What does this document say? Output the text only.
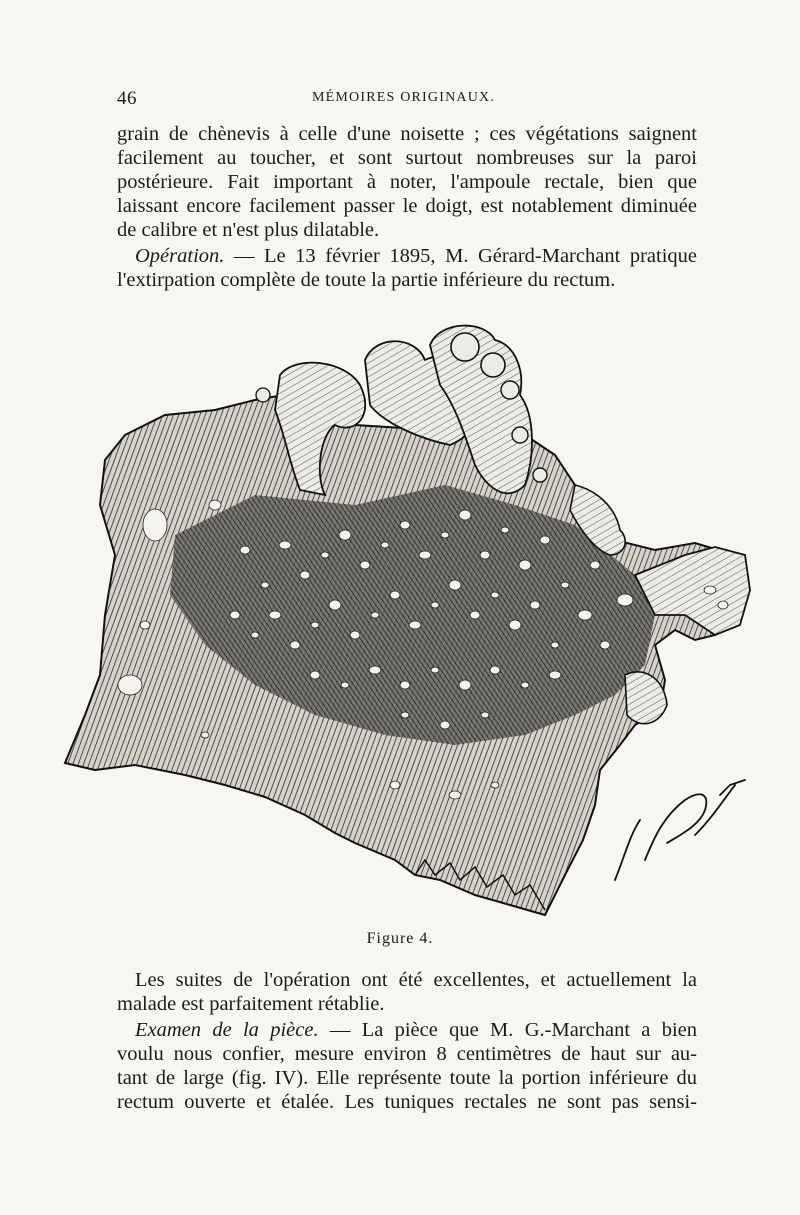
46	MÉMOIRES ORIGINAUX.
grain de chènevis à celle d'une noisette ; ces végétations saignent
facilement au toucher, et sont surtout nombreuses sur la paroi
postérieure. Fait important à noter, l'ampoule rectale, bien que
laissant encore facilement passer le doigt, est notablement diminuée
de calibre et n'est plus dilatable.
Opération. — Le 13 février 1895, M. Gérard-Marchant pratique
l'extirpation complète de toute la partie inférieure du rectum.
Figure 4.
Les suites de l'opération ont été excellentes, et actuellement la
malade est parfaitement rétablie.
Examen de la pièce. — La pièce que M. G.-Marchant a bien
voulu nous confier, mesure environ 8 centimètres de haut sur au-
tant de large (fig. IV). Elle représente toute la portion inférieure du
rectum ouverte et étalée. Les tuniques rectales ne sont pas sensi-
